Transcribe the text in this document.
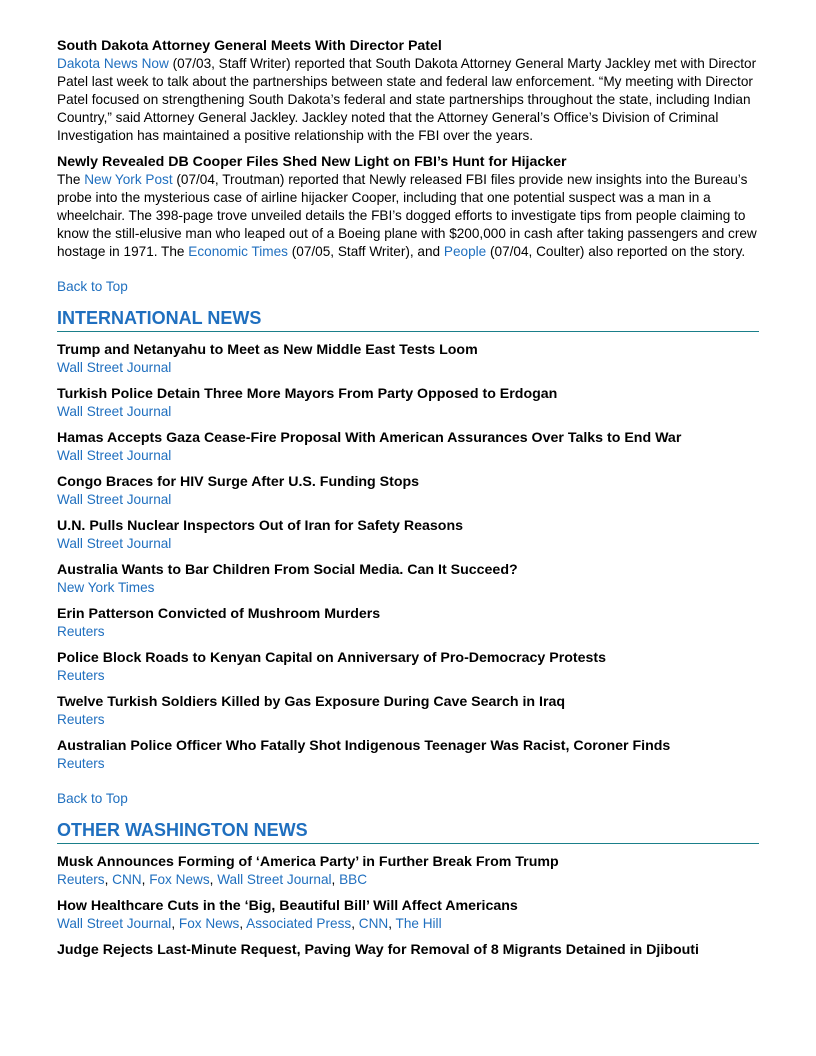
South Dakota Attorney General Meets With Director Patel
Dakota News Now (07/03, Staff Writer) reported that South Dakota Attorney General Marty Jackley met with Director Patel last week to talk about the partnerships between state and federal law enforcement. “My meeting with Director Patel focused on strengthening South Dakota’s federal and state partnerships throughout the state, including Indian Country,” said Attorney General Jackley. Jackley noted that the Attorney General’s Office’s Division of Criminal Investigation has maintained a positive relationship with the FBI over the years.
Newly Revealed DB Cooper Files Shed New Light on FBI’s Hunt for Hijacker
The New York Post (07/04, Troutman) reported that Newly released FBI files provide new insights into the Bureau’s probe into the mysterious case of airline hijacker Cooper, including that one potential suspect was a man in a wheelchair. The 398-page trove unveiled details the FBI’s dogged efforts to investigate tips from people claiming to know the still-elusive man who leaped out of a Boeing plane with $200,000 in cash after taking passengers and crew hostage in 1971. The Economic Times (07/05, Staff Writer), and People (07/04, Coulter) also reported on the story.
Back to Top
INTERNATIONAL NEWS
Trump and Netanyahu to Meet as New Middle East Tests Loom
Wall Street Journal
Turkish Police Detain Three More Mayors From Party Opposed to Erdogan
Wall Street Journal
Hamas Accepts Gaza Cease-Fire Proposal With American Assurances Over Talks to End War
Wall Street Journal
Congo Braces for HIV Surge After U.S. Funding Stops
Wall Street Journal
U.N. Pulls Nuclear Inspectors Out of Iran for Safety Reasons
Wall Street Journal
Australia Wants to Bar Children From Social Media. Can It Succeed?
New York Times
Erin Patterson Convicted of Mushroom Murders
Reuters
Police Block Roads to Kenyan Capital on Anniversary of Pro-Democracy Protests
Reuters
Twelve Turkish Soldiers Killed by Gas Exposure During Cave Search in Iraq
Reuters
Australian Police Officer Who Fatally Shot Indigenous Teenager Was Racist, Coroner Finds
Reuters
Back to Top
OTHER WASHINGTON NEWS
Musk Announces Forming of ‘America Party’ in Further Break From Trump
Reuters, CNN, Fox News, Wall Street Journal, BBC
How Healthcare Cuts in the ‘Big, Beautiful Bill’ Will Affect Americans
Wall Street Journal, Fox News, Associated Press, CNN, The Hill
Judge Rejects Last-Minute Request, Paving Way for Removal of 8 Migrants Detained in Djibouti
